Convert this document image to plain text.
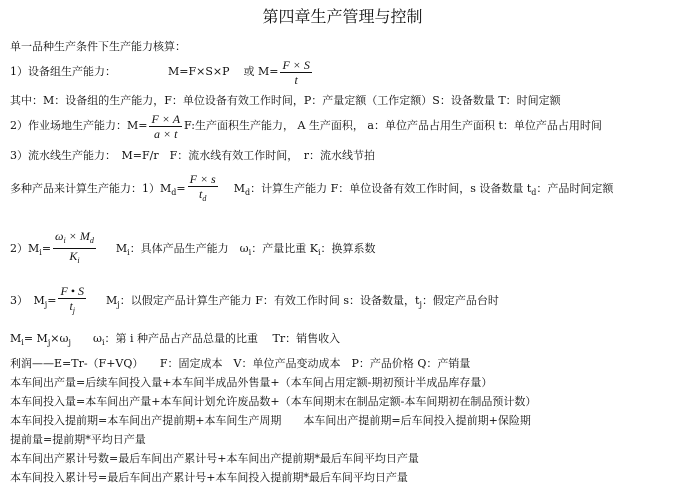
第四章生产管理与控制
单一品种生产条件下生产能力核算：
1）设备组生产能力：	M=F×S×P 或 $M= \frac{F \times S}{t}$
其中：M：设备组的生产能力，F：单位设备有效工作时间，P：产量定额（工作定额）S：设备数量 T：时间定额
2）作业场地生产能力：$M= \frac{F \times A}{a \times t} F$:生产面积生产能力， A 生产面积， a：单位产品占用生产面积 t：单位产品占用时间
3）流水线生产能力：　M=F/r　F：流水线有效工作时间，　r：流水线节拍
多种产品来计算生产能力：$1)M_d= \frac{F \times s}{t_d} M_d$：计算生产能力 F：单位设备有效工作时间，s 设备数量 $t_d$：产品时间定额
$2)M_i= \frac{\omega_i \times M_d}{K_i} M_i$：具体产品生产能力　$\omega_i$：产量比重 $K_i$：换算系数
3）　$M_j= \frac{F • S}{t_j} M_j$：以假定产品计算生产能力 F：有效工作时间 s：设备数量，$t_j$：假定产品台时
$M_i= M_j\times\omega_j$　　$\omega_i$：第 i 种产品占产品总量的比重　 Tr：销售收入
利润——E=Tr-（F+VQ）　　F：固定成本　V：单位产品变动成本　P：产品价格 Q：产销量
本车间出产量=后续车间投入量+本车间半成品外售量+（本车间占用定额-期初预计半成品库存量）
本车间投入量=本车间出产量+本车间计划允许废品数+（本车间期末在制品定额-本车间期初在制品预计数）
本车间投入提前期=本车间出产提前期+本车间生产周期　　本车间出产提前期=后车间投入提前期+保险期
提前量=提前期*平均日产量
本车间出产累计号数=最后车间出产累计号+本车间出产提前期*最后车间平均日产量
本车间投入累计号=最后车间出产累计号+本车间投入提前期*最后车间平均日产量
